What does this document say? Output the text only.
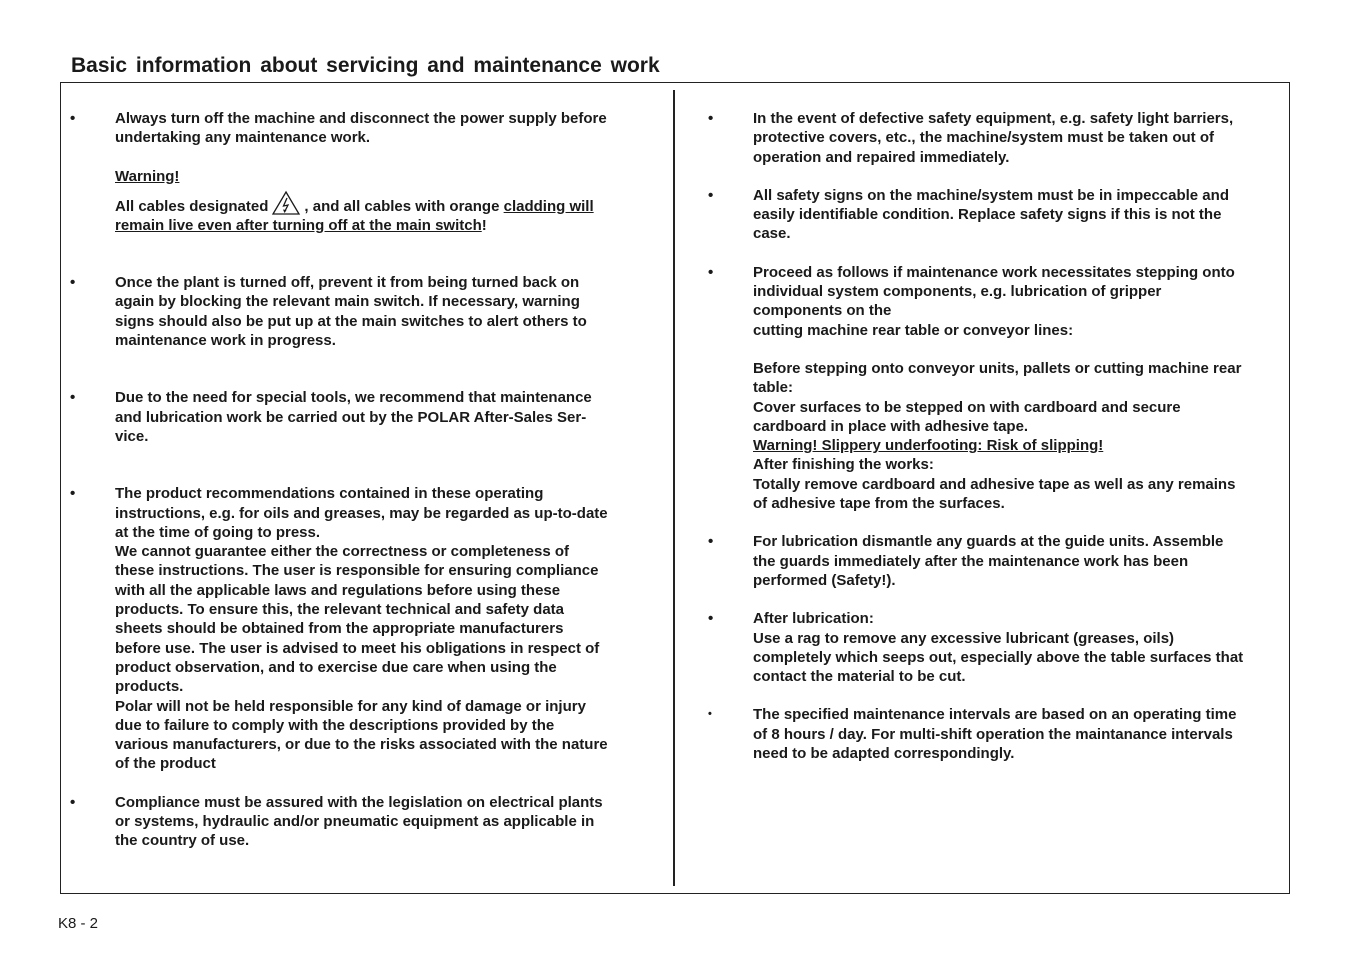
Basic information about servicing and maintenance work
•	Always turn off the machine and disconnect the power supply before
undertaking any maintenance work.
Warning!
All cables designated , and all cables with orange
cladding will
remain live even after turning off at the main switch!
•	Once the plant is turned off, prevent it from being turned back on
again by blocking the relevant main switch. If necessary, warning
signs should also be put up at the main switches to alert others to
maintenance work in progress.
•	Due to the need for special tools, we recommend that maintenance
and lubrication work be carried out by the POLAR After-Sales Ser-
vice.
•	The product recommendations contained in these operating
instructions, e.g. for oils and greases, may be regarded as up-to-date
at the time of going to press.
We cannot guarantee either the correctness or completeness of
these instructions. The user is responsible for ensuring compliance
with all the applicable laws and regulations before using these
products. To ensure this, the relevant technical and safety data
sheets should be obtained from the appropriate manufacturers
before use. The user is advised to meet his obligations in respect of
product observation, and to exercise due care when using the
products.
Polar will not be held responsible for any kind of damage or injury
due to failure to comply with the descriptions provided by the
various manufacturers, or due to the risks associated with the nature
of the product
•	Compliance must be assured with the legislation on electrical plants
or systems, hydraulic and/or pneumatic equipment as applicable in
the country of use.
•	In the event of defective safety equipment, e.g. safety light barriers,
protective covers, etc., the machine/system must be taken out of
operation and repaired immediately.
•	All safety signs on the machine/system must be in impeccable and
easily identifiable condition. Replace safety signs if this is not the
case.
•	Proceed as follows if maintenance work necessitates stepping onto
individual system components, e.g. lubrication of gripper
components on the
cutting machine rear table or conveyor lines:
Before stepping onto conveyor units, pallets or cutting machine rear
table:
Cover surfaces to be stepped on with cardboard and secure
cardboard in place with adhesive tape.
Warning! Slippery underfooting: Risk of slipping!
After finishing the works:
Totally remove cardboard and adhesive tape as well as any remains
of adhesive tape from the surfaces.
•	For lubrication dismantle any guards at the guide units. Assemble
the guards immediately after the maintenance work has been
performed (Safety!).
•	After lubrication:
Use a rag to remove any excessive lubricant (greases, oils)
completely which seeps out, especially above the table surfaces that
contact the material to be cut.
•	The specified maintenance intervals are based on an operating time
of 8 hours / day. For multi-shift operation the maintanance intervals
need to be adapted correspondingly.
K8 - 2
